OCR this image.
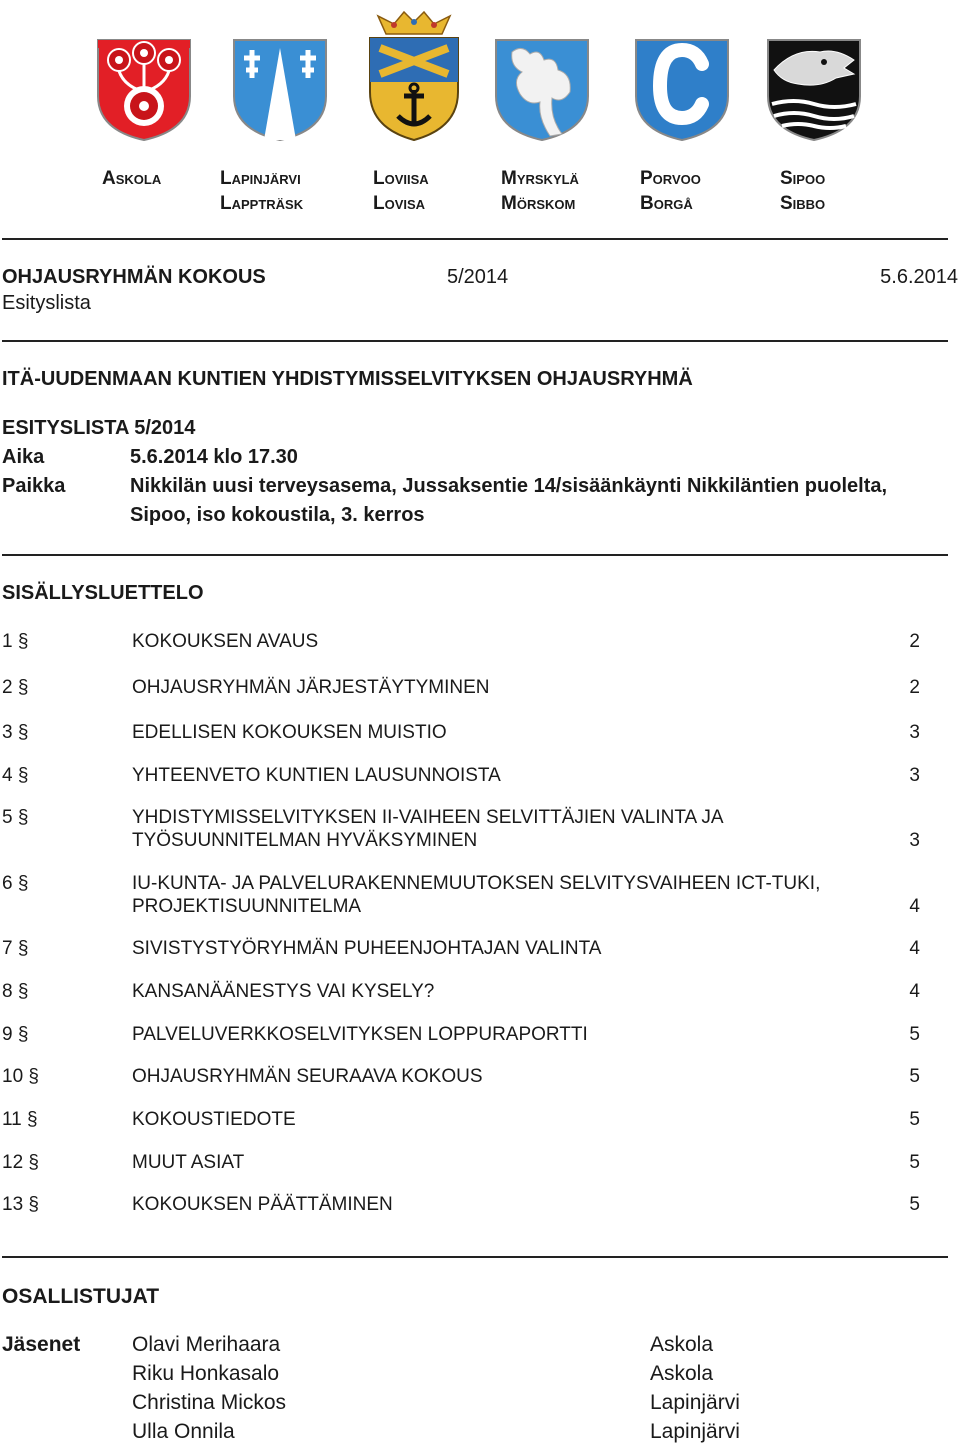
Askola	Lapinjärvi
Lappträsk
Loviisa
Lovisa
Myrskylä
Mörskom
Porvoo
Borgå
Sipoo
Sibbo
OHJAUSRYHMÄN KOKOUS	5/2014	5.6.2014
Esityslista
ITÄ-UUDENMAAN KUNTIEN YHDISTYMISSELVITYKSEN OHJAUSRYHMÄ
ESITYSLISTA 5/2014
Aika	5.6.2014 klo 17.30
Paikka	Nikkilän uusi terveysasema, Jussaksentie 14/sisäänkäynti Nikkiläntien puolelta,
Sipoo, iso kokoustila, 3. kerros
SISÄLLYSLUETTELO
1 §	KOKOUKSEN AVAUS	2
2 §	OHJAUSRYHMÄN JÄRJESTÄYTYMINEN	2
3 §	EDELLISEN KOKOUKSEN MUISTIO	3
4 §	YHTEENVETO KUNTIEN LAUSUNNOISTA	3
5 §	YHDISTYMISSELVITYKSEN II-VAIHEEN SELVITTÄJIEN VALINTA JA
TYÖSUUNNITELMAN HYVÄKSYMINEN	3
6 §	IU-KUNTA- JA PALVELURAKENNEMUUTOKSEN SELVITYSVAIHEEN ICT-TUKI,
PROJEKTISUUNNITELMA	4
7 §	SIVISTYSTYÖRYHMÄN PUHEENJOHTAJAN VALINTA	4
8 §	KANSANÄÄNESTYS VAI KYSELY?	4
9 §	PALVELUVERKKOSELVITYKSEN LOPPURAPORTTI	5
10 §	OHJAUSRYHMÄN SEURAAVA KOKOUS	5
11 §	KOKOUSTIEDOTE	5
12 §	MUUT ASIAT	5
13 §	KOKOUKSEN PÄÄTTÄMINEN	5
OSALLISTUJAT
Jäsenet Olavi Merihaara	Askola
Riku Honkasalo	Askola
Christina Mickos	Lapinjärvi
Ulla Onnila	Lapinjärvi
